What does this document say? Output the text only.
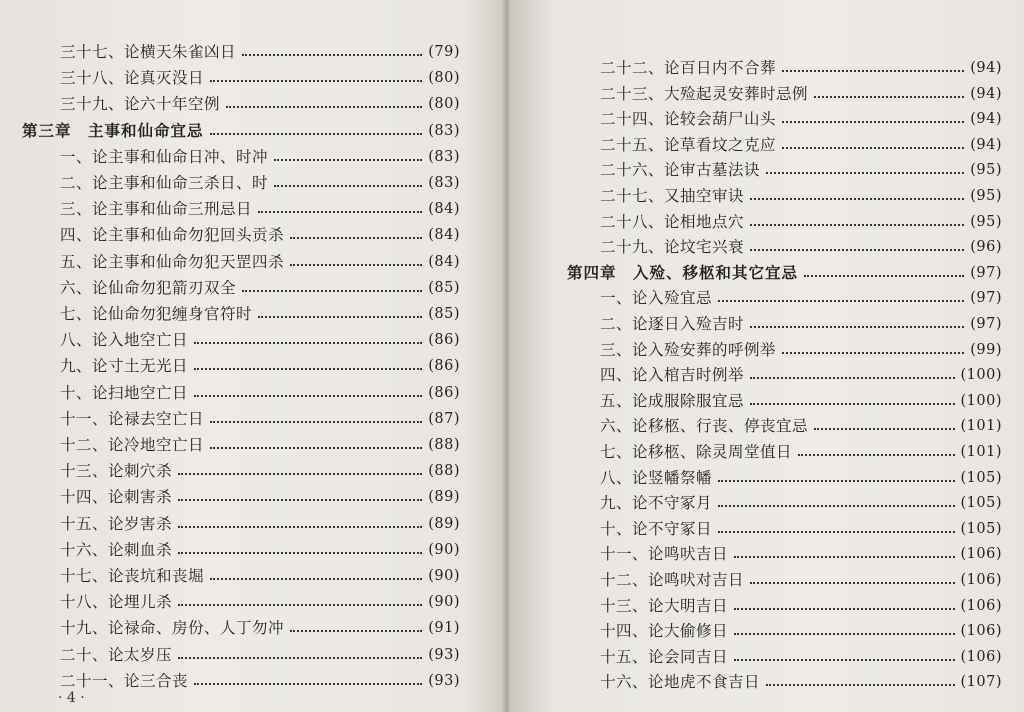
三十七、论横天朱雀凶日	(79)
三十八、论真灭没日	(80)
三十九、论六十年空例	(80)
第三章　主事和仙命宜忌	(83)
一、论主事和仙命日冲、时冲	(83)
二、论主事和仙命三杀日、时	(83)
三、论主事和仙命三刑忌日	(84)
四、论主事和仙命勿犯回头贡杀	(84)
五、论主事和仙命勿犯天罡四杀	(84)
六、论仙命勿犯箭刃双全	(85)
七、论仙命勿犯缠身官符时	(85)
八、论入地空亡日	(86)
九、论寸土无光日	(86)
十、论扫地空亡日	(86)
十一、论禄去空亡日	(87)
十二、论冷地空亡日	(88)
十三、论刺穴杀	(88)
十四、论刺害杀	(89)
十五、论岁害杀	(89)
十六、论刺血杀	(90)
十七、论丧坑和丧堀	(90)
十八、论埋儿杀	(90)
十九、论禄命、房份、人丁勿冲	(91)
二十、论太岁压	(93)
二十一、论三合丧	(93)
· 4 ·
二十二、论百日内不合葬	(94)
二十三、大殓起灵安葬时忌例	(94)
二十四、论较会葫尸山头	(94)
二十五、论草看坟之克应	(94)
二十六、论审古墓法诀	(95)
二十七、又抽空审诀	(95)
二十八、论相地点穴	(95)
二十九、论坟宅兴衰	(96)
第四章　入殓、移柩和其它宜忌	(97)
一、论入殓宜忌	(97)
二、论逐日入殓吉时	(97)
三、论入殓安葬的呼例举	(99)
四、论入棺吉时例举	(100)
五、论成服除服宜忌	(100)
六、论移柩、行丧、停丧宜忌	(101)
七、论移柩、除灵周堂值日	(101)
八、论竖幡祭幡	(105)
九、论不守冢月	(105)
十、论不守冢日	(105)
十一、论鸣吠吉日	(106)
十二、论鸣吠对吉日	(106)
十三、论大明吉日	(106)
十四、论大偷修日	(106)
十五、论会同吉日	(106)
十六、论地虎不食吉日	(107)
